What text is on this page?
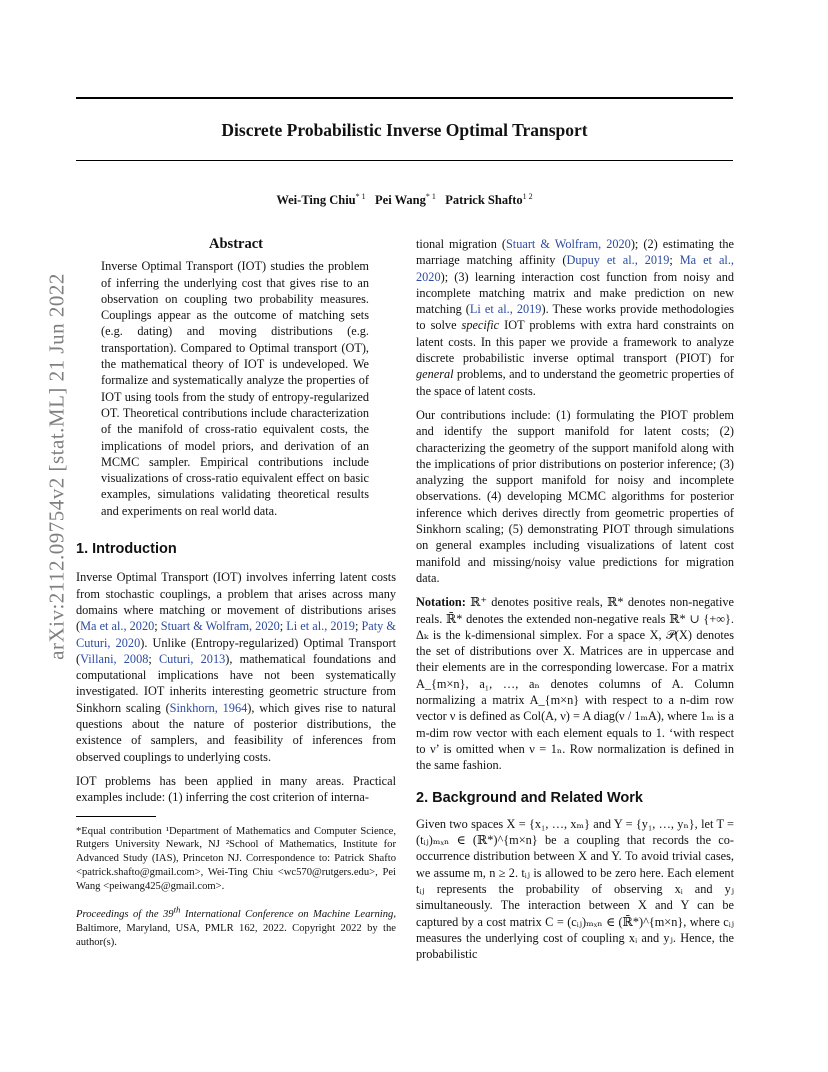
Discrete Probabilistic Inverse Optimal Transport
Wei-Ting Chiu$^{* 1}$ Pei Wang$^{* 1}$ Patrick Shafto$^{1 2}$
arXiv:2112.09754v2 [stat.ML] 21 Jun 2022
Abstract

Inverse Optimal Transport (IOT) studies the problem of inferring the underlying cost that gives rise to an observation on coupling two probability measures. Couplings appear as the outcome of matching sets (e.g. dating) and moving distributions (e.g. transportation). Compared to Optimal transport (OT), the mathematical theory of IOT is undeveloped. We formalize and systematically analyze the properties of IOT using tools from the study of entropy-regularized OT. Theoretical contributions include characterization of the manifold of cross-ratio equivalent costs, the implications of model priors, and derivation of an MCMC sampler. Empirical contributions include visualizations of cross-ratio equivalent effect on basic examples, simulations validating theoretical results and experiments on real world data.

1. Introduction

Inverse Optimal Transport (IOT) involves inferring latent costs from stochastic couplings, a problem that arises across many domains where matching or movement of distributions arises (Ma et al., 2020; Stuart & Wolfram, 2020; Li et al., 2019; Paty & Cuturi, 2020). Unlike (Entropy-regularized) Optimal Transport (Villani, 2008; Cuturi, 2013), mathematical foundations and computational implications have not been systematically investigated. IOT inherits interesting geometric structure from Sinkhorn scaling (Sinkhorn, 1964), which gives rise to natural questions about the nature of posterior distributions, the existence of samplers, and feasibility of inferences from observed couplings to underlying costs.

IOT problems has been applied in many areas. Practical examples include: (1) inferring the cost criterion of interna-

*Equal contribution ¹Department of Mathematics and Computer Science, Rutgers University Newark, NJ ²School of Mathematics, Institute for Advanced Study (IAS), Princeton NJ. Correspondence to: Patrick Shafto <patrick.shafto@gmail.com>, Wei-Ting Chiu <wc570@rutgers.edu>, Pei Wang <peiwang425@gmail.com>.
Proceedings of the 39th International Conference on Machine Learning, Baltimore, Maryland, USA, PMLR 162, 2022. Copyright 2022 by the author(s).

tional migration (Stuart & Wolfram, 2020); (2) estimating the marriage matching affinity (Dupuy et al., 2019; Ma et al., 2020); (3) learning interaction cost function from noisy and incomplete matching matrix and make prediction on new matching (Li et al., 2019). These works provide methodologies to solve specific IOT problems with extra hard constraints on latent costs. In this paper we provide a framework to analyze discrete probabilistic inverse optimal transport (PIOT) for general problems, and to understand the geometric properties of the space of latent costs.

Our contributions include: (1) formulating the PIOT problem and identify the support manifold for latent costs; (2) characterizing the geometry of the support manifold along with the implications of prior distributions on posterior inference; (3) analyzing the support manifold for noisy and incomplete observations. (4) developing MCMC algorithms for posterior inference which derives directly from geometric properties of Sinkhorn scaling; (5) demonstrating PIOT through simulations on general examples including visualizations of latent cost manifold and missing/noisy value predictions for migration data.

Notation: ℝ⁺ denotes positive reals, ℝ* denotes non-negative reals. ℝ̄* denotes the extended non-negative reals ℝ* ∪ {+∞}. Δₖ is the k-dimensional simplex. For a space X, 𝒫(X) denotes the set of distributions over X. Matrices are in uppercase and their elements are in the corresponding lowercase. For a matrix A_{m×n}, a₁, …, aₙ denotes columns of A. Column normalizing a matrix A_{m×n} with respect to a n-dim row vector ν is defined as Col(A, ν) = A diag(ν / 1ₘA), where 1ₘ is a m-dim row vector with each element equals to 1. ‘with respect to ν’ is omitted when ν = 1ₙ. Row normalization is defined in the same fashion.

2. Background and Related Work

Given two spaces X = {x₁, …, xₘ} and Y = {y₁, …, yₙ}, let T = (tᵢⱼ)ₘₓₙ ∈ (ℝ*)^{m×n} be a coupling that records the co-occurrence distribution between X and Y. To avoid trivial cases, we assume m, n ≥ 2. tᵢⱼ is allowed to be zero here. Each element tᵢⱼ represents the probability of observing xᵢ and yⱼ simultaneously. The interaction between X and Y can be captured by a cost matrix C = (cᵢⱼ)ₘₓₙ ∈ (ℝ̄*)^{m×n}, where cᵢⱼ measures the underlying cost of coupling xᵢ and yⱼ. Hence, the probabilistic
